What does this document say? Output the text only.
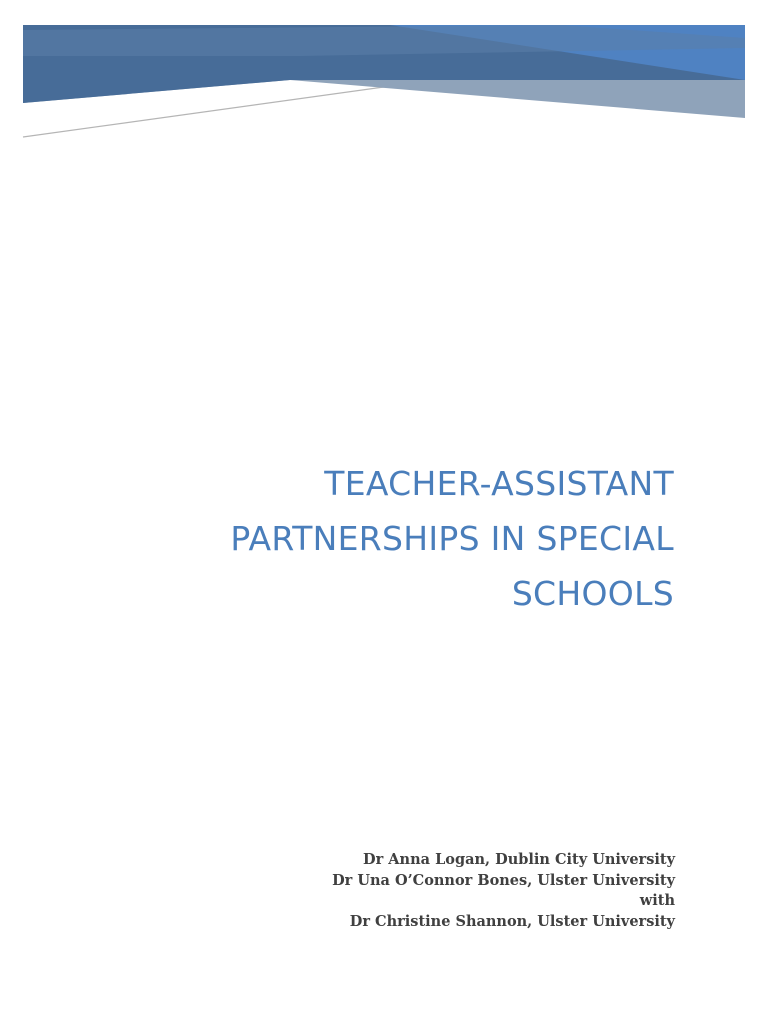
TEACHER-ASSISTANT
PARTNERSHIPS IN SPECIAL
SCHOOLS
Dr Anna Logan, Dublin City University
Dr Una O’Connor Bones, Ulster University
with
Dr Christine Shannon, Ulster University
